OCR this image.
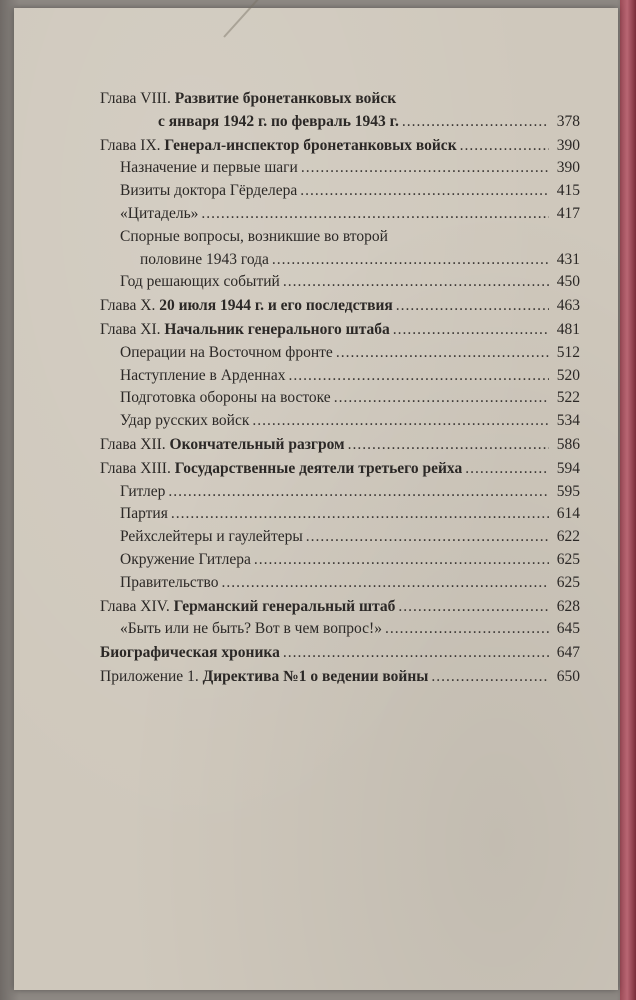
Глава VIII. Развитие бронетанковых войск
с января 1942 г. по февраль 1943 г. .....	378
Глава IX. Генерал-инспектор бронетанковых войск .....	390
Назначение и первые шаги .....	390
Визиты доктора Гёрделера .....	415
«Цитадель» .....	417
Спорные вопросы, возникшие во второй
половине 1943 года .....	431
Год решающих событий .....	450
Глава X. 20 июля 1944 г. и его последствия .....	463
Глава XI. Начальник генерального штаба .....	481
Операции на Восточном фронте .....	512
Наступление в Арденнах .....	520
Подготовка обороны на востоке .....	522
Удар русских войск .....	534
Глава XII. Окончательный разгром .....	586
Глава XIII. Государственные деятели третьего рейха .....	594
Гитлер .....	595
Партия .....	614
Рейхслейтеры и гаулейтеры .....	622
Окружение Гитлера .....	625
Правительство .....	625
Глава XIV. Германский генеральный штаб .....	628
«Быть или не быть? Вот в чем вопрос!» .....	645
Биографическая хроника .....	647
Приложение 1. Директива №1 о ведении войны .....	650
